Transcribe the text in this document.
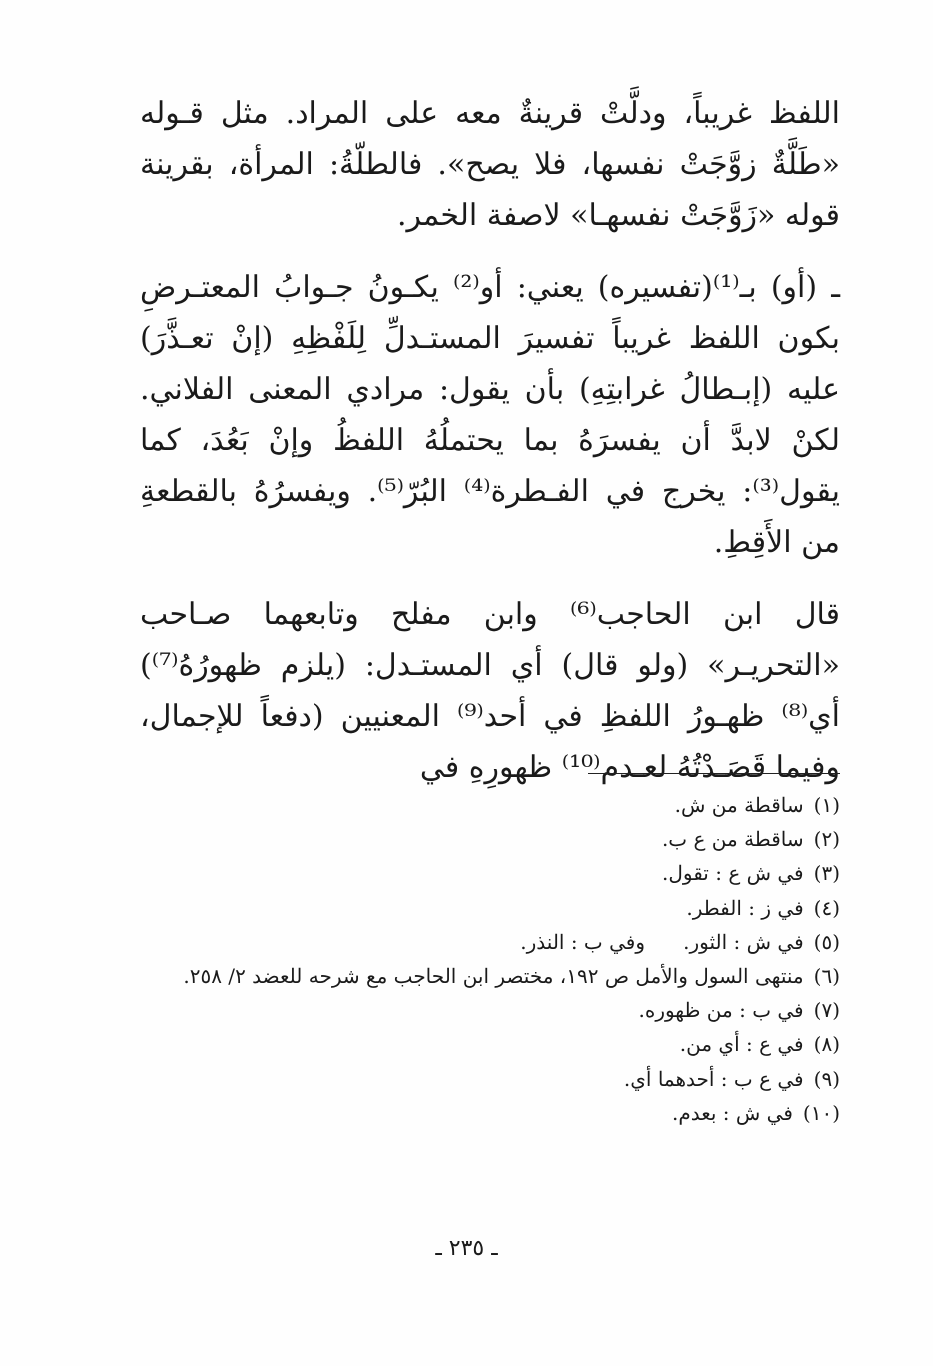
اللفظ غريباً، ودلَّتْ قرينةٌ معه على المراد. مثل قـوله «طَلَّةٌ زوَّجَتْ نفسها، فلا يصح». فالطلّةُ: المرأة، بقرينة قوله «زَوَّجَتْ نفسهـا» لاصفة الخمر.

ـ (أو) بـ⁽¹⁾(تفسيره) يعني: أو⁽²⁾ يكـونُ جـوابُ المعتـرضِ بكون اللفظ غريباً تفسيرَ المستـدلِّ لِلَفْظِهِ (إنْ تعـذَّرَ) عليه (إبـطالُ غرابتِهِ) بأن يقول: مرادي المعنى الفلاني. لكنْ لابدَّ أن يفسرَهُ بما يحتملُهُ اللفظُ وإنْ بَعُدَ، كما يقول⁽³⁾: يخرج في الفـطرة⁽⁴⁾ البُرّ⁽⁵⁾. ويفسرُهُ بالقطعةِ من الأَقِطِ.

قال ابن الحاجب⁽⁶⁾ وابن مفلح وتابعهما صـاحب «التحريـر» (ولو قال) أي المستـدل: (يلزم ظهورُهُ⁽⁷⁾) أي⁽⁸⁾ ظهـورُ اللفظِ في أحد⁽⁹⁾ المعنيين (دفعاً للإجمال، وفيما قَصَـدْتُهُ لعـدم⁽¹⁰⁾ ظهورِهِ في

(١)
ساقطة من ش.
(٢)
ساقطة من ع ب.
(٣)
في ش ع : تقول.
(٤)
في ز : الفطر.
(٥)
في ش : الثور.      وفي ب : النذر.
(٦)
منتهى السول والأمل ص ١٩٢، مختصر ابن الحاجب مع شرحه للعضد ٢/ ٢٥٨.
(٧)
في ب : من ظهوره.
(٨)
في ع : أي من.
(٩)
في ع ب : أحدهما أي.
(١٠)
في ش : بعدم.
ـ ٢٣٥ ـ
